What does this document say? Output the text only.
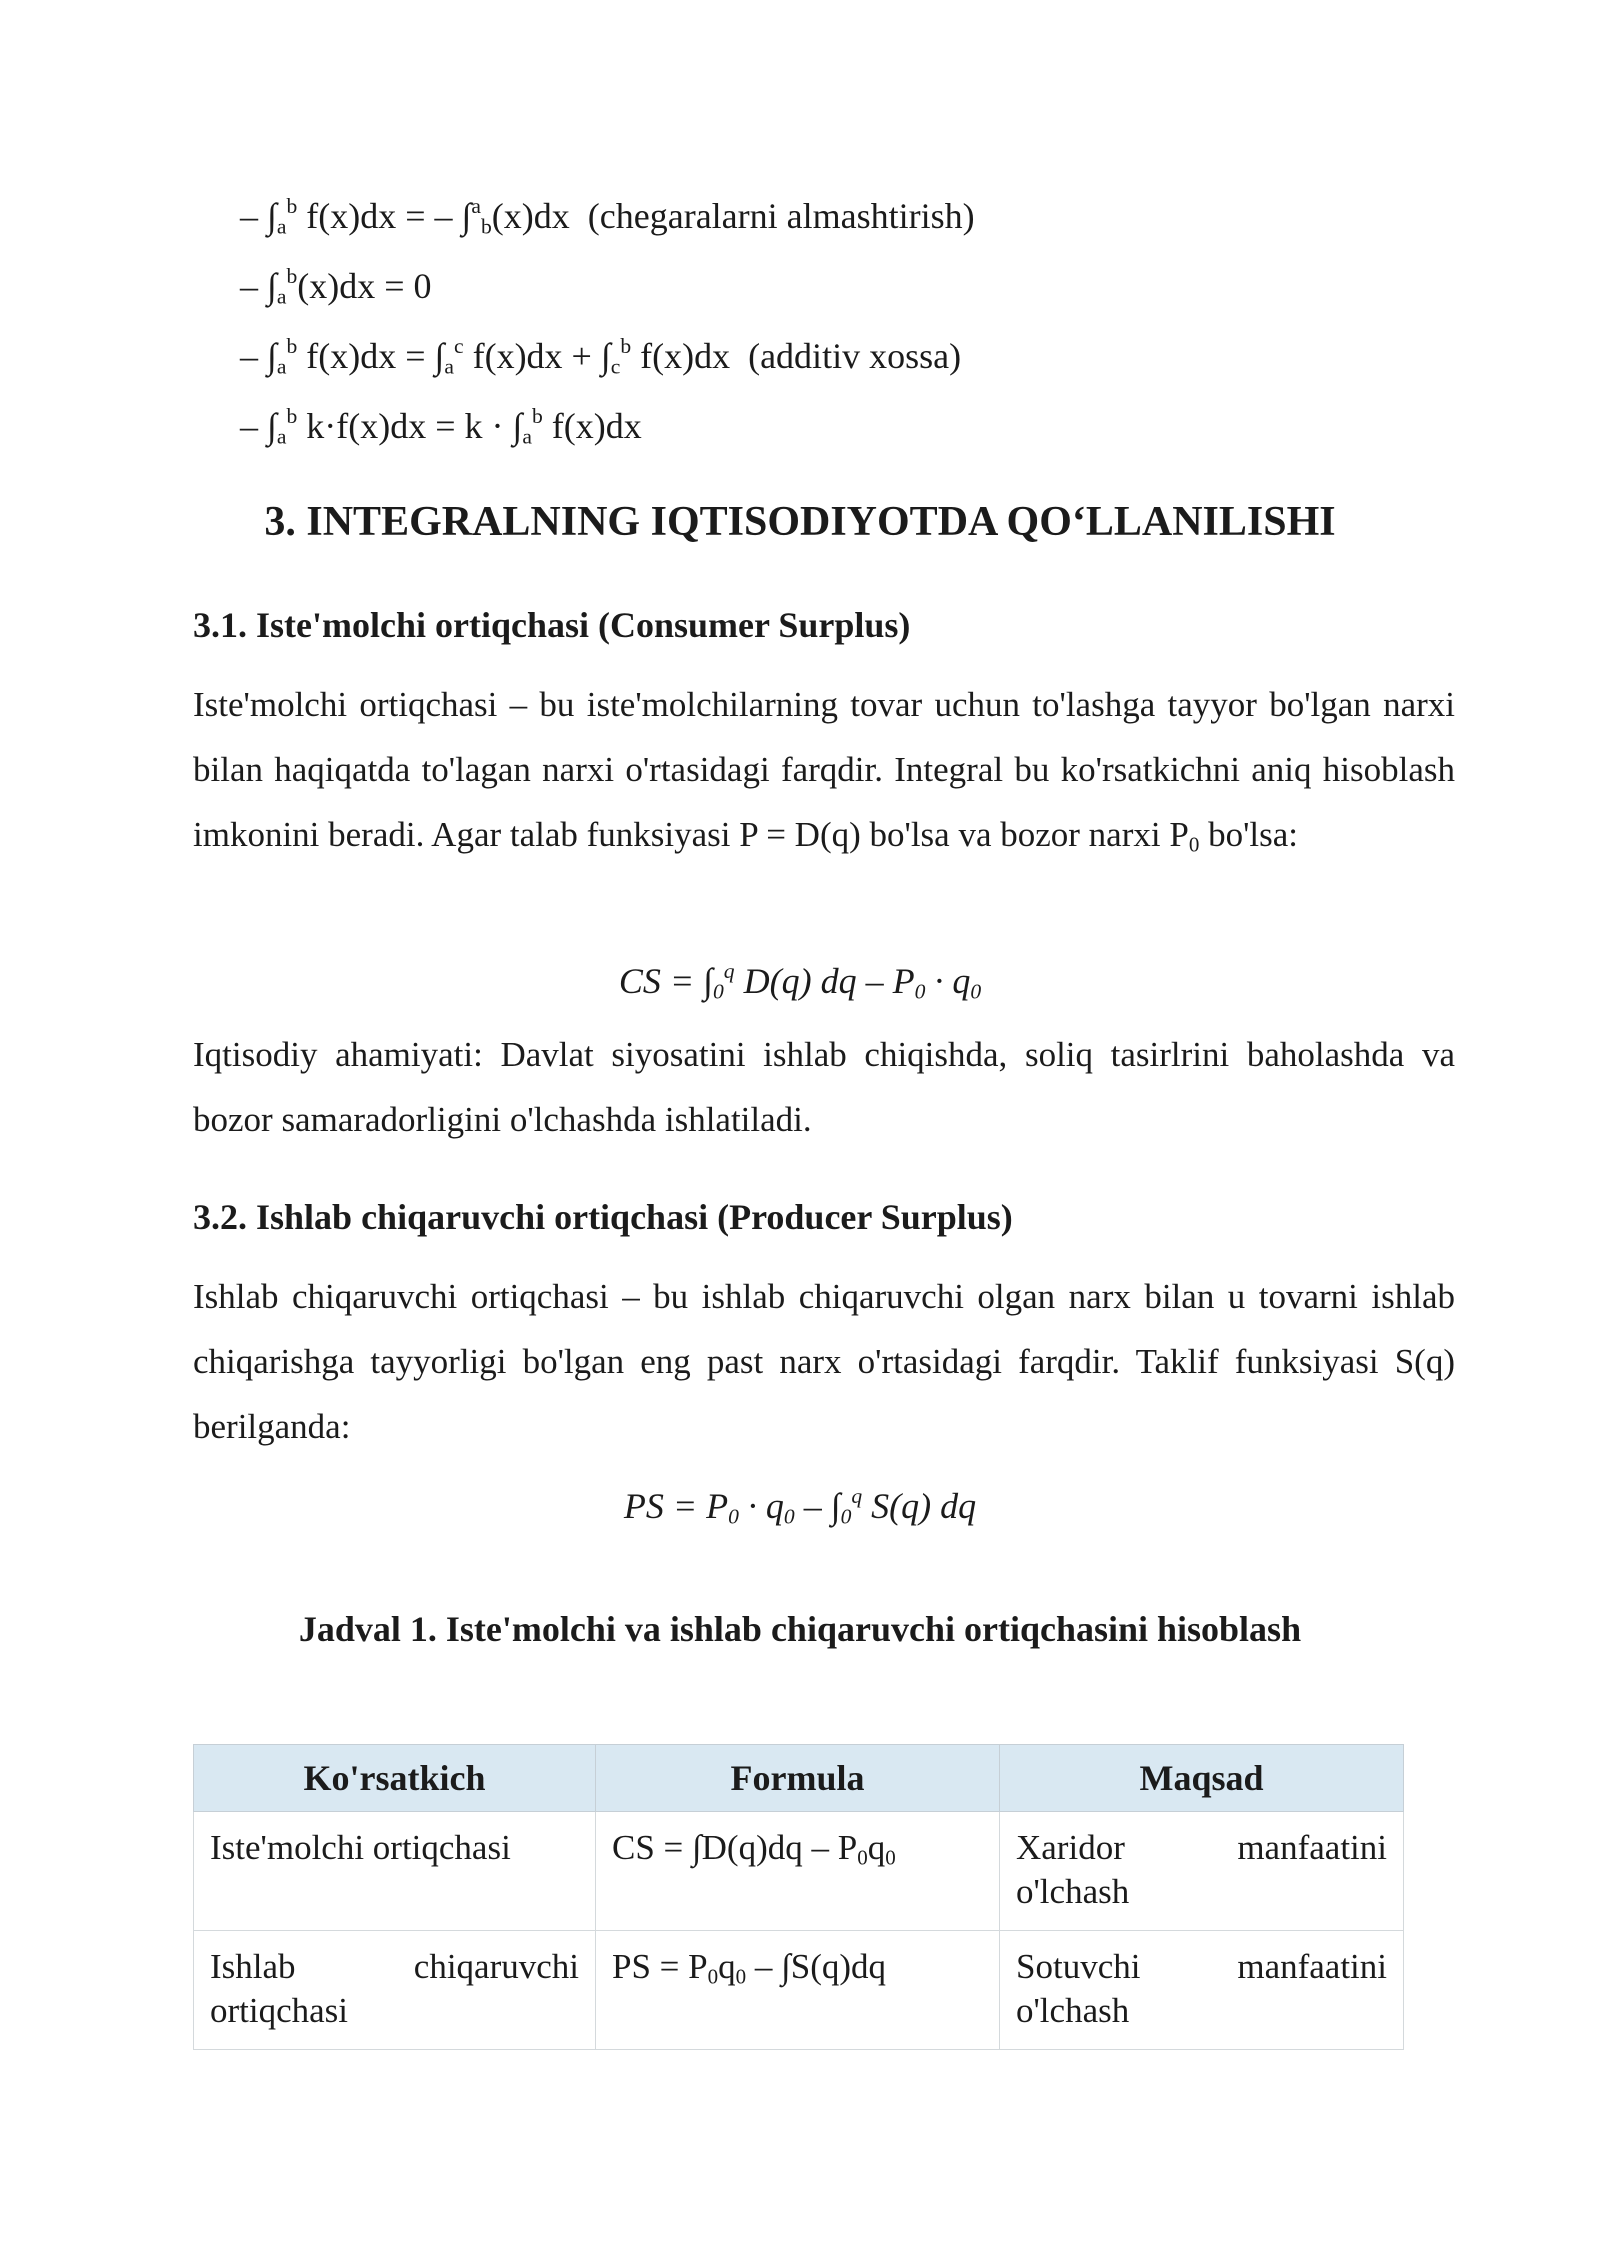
– $\int_a^b$ f(x)dx = – ∫$^a_b$(x)dx  (chegaralarni almashtirish)
– $\int_a^b(x)dx = 0$
– $\int_a^b$ $f(x)dx = \int_a^c$ $f(x)dx + \int_c^b$ f(x)dx  (additiv xossa)
– $\int_a^b$ $k\cdot f(x)dx = k \cdot \int_a^b$ f(x)dx
3. INTEGRALNING IQTISODIYOTDA QO‘LLANILISHI
3.1. Iste'molchi ortiqchasi (Consumer Surplus)
Iste'molchi ortiqchasi – bu iste'molchilarning tovar uchun to'lashga tayyor bo'lgan narxi bilan haqiqatda to'lagan narxi o'rtasidagi farqdir. Integral bu ko'rsatkichni aniq hisoblash imkonini beradi. Agar talab funksiyasi P = D(q) bo'lsa va bozor narxi $P_0$ bo'lsa:
CS = $\int_0^q$ D(q) dq – $P_0 \cdot q_0$
Iqtisodiy ahamiyati: Davlat siyosatini ishlab chiqishda, soliq tasirlrini baholashda va bozor samaradorligini o'lchashda ishlatiladi.
3.2. Ishlab chiqaruvchi ortiqchasi (Producer Surplus)
Ishlab chiqaruvchi ortiqchasi – bu ishlab chiqaruvchi olgan narx bilan u tovarni ishlab chiqarishga tayyorligi bo'lgan eng past narx o'rtasidagi farqdir. Taklif funksiyasi S(q) berilganda:
PS = $P_0 \cdot q_0 - \int_0^q$ S(q) dq
Jadval 1. Iste'molchi va ishlab chiqaruvchi ortiqchasini hisoblash
Ko'rsatkich	Formula	Maqsad
Iste'molchi ortiqchasi	CS = $\int D(q)dq - P_0q_0$	Xaridor manfaatini
o'lchash

Ishlab chiqaruvchi
ortiqchasi	PS = $P_0q_0 - \int S(q)dq$	Sotuvchi manfaatini
o'lchash
